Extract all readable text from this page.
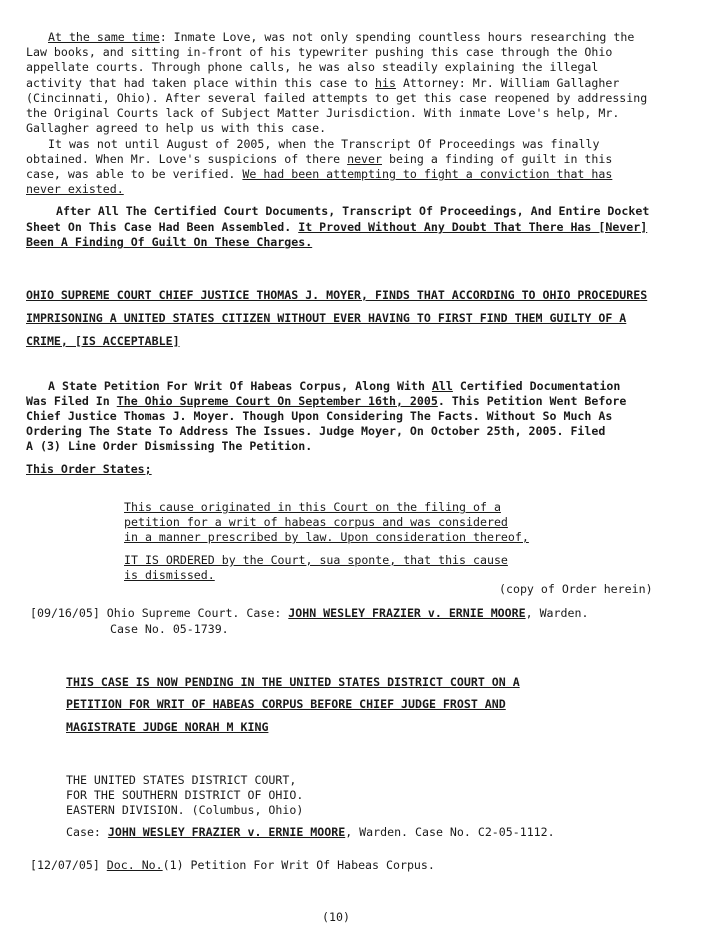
At the same time: Inmate Love, was not only spending countless hours researching the
Law books, and sitting in-front of his typewriter pushing this case through the Ohio
appellate courts. Through phone calls, he was also steadily explaining the illegal
activity that had taken place within this case to his Attorney: Mr. William Gallagher
(Cincinnati, Ohio). After several failed attempts to get this case reopened by addressing
the Original Courts lack of Subject Matter Jurisdiction. With inmate Love's help, Mr.
Gallagher agreed to help us with this case.
It was not until August of 2005, when the Transcript Of Proceedings was finally
obtained. When Mr. Love's suspicions of there never being a finding of guilt in this
case, was able to be verified. We had been attempting to fight a conviction that has
never existed.
After All The Certified Court Documents, Transcript Of Proceedings, And Entire Docket
Sheet On This Case Had Been Assembled. It Proved Without Any Doubt That There Has [Never]
Been A Finding Of Guilt On These Charges.
OHIO SUPREME COURT CHIEF JUSTICE THOMAS J. MOYER, FINDS THAT ACCORDING TO OHIO PROCEDURES
IMPRISONING A UNITED STATES CITIZEN WITHOUT EVER HAVING TO FIRST FIND THEM GUILTY OF A
CRIME, [IS ACCEPTABLE]
A State Petition For Writ Of Habeas Corpus, Along With All Certified Documentation
Was Filed In The Ohio Supreme Court On September 16th, 2005. This Petition Went Before
Chief Justice Thomas J. Moyer. Though Upon Considering The Facts. Without So Much As
Ordering The State To Address The Issues. Judge Moyer, On October 25th, 2005. Filed
A (3) Line Order Dismissing The Petition.
This Order States;
This cause originated in this Court on the filing of a
petition for a writ of habeas corpus and was considered
in a manner prescribed by law. Upon consideration thereof,
IT IS ORDERED by the Court, sua sponte, that this cause
is dismissed.
(copy of Order herein)
[09/16/05] Ohio Supreme Court. Case: JOHN WESLEY FRAZIER v. ERNIE MOORE, Warden.
Case No. 05-1739.
THIS CASE IS NOW PENDING IN THE UNITED STATES DISTRICT COURT ON A
PETITION FOR WRIT OF HABEAS CORPUS BEFORE CHIEF JUDGE FROST AND
MAGISTRATE JUDGE NORAH M KING
THE UNITED STATES DISTRICT COURT,
FOR THE SOUTHERN DISTRICT OF OHIO.
EASTERN DIVISION. (Columbus, Ohio)
Case: JOHN WESLEY FRAZIER v. ERNIE MOORE, Warden. Case No. C2-05-1112.
[12/07/05] Doc. No.(1) Petition For Writ Of Habeas Corpus.
(10)
